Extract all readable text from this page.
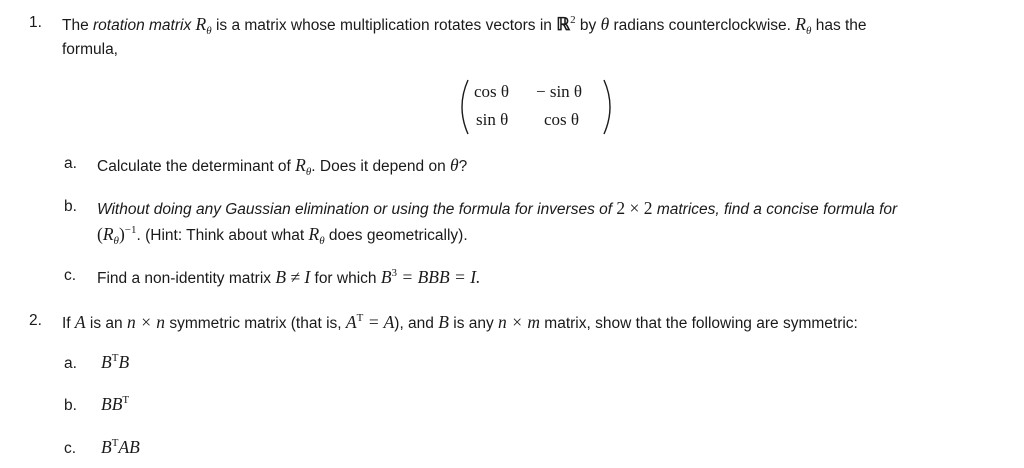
1. The rotation matrix $R_\theta$ is a matrix whose multiplication rotates vectors in ℝ$^2$ by θ radians counterclockwise. $R_\theta$ has the
formula,
cos θ − sin θ
sin θ cos θ
a. Calculate the determinant of $R_\theta$. Does it depend on θ?
b. Without doing any Gaussian elimination or using the formula for inverses of 2 × 2 matrices, find a concise formula for
$(R_\theta)^{-1}$. (Hint: Think about what $R_\theta$ does geometrically).
c. Find a non-identity matrix B ≠ I for which $B^3$ = BBB = I.
2. If A is an n × n symmetric matrix (that is, $A^T = A$), and B is any n × m matrix, show that the following are symmetric:
a. $B^TB$
b. $BB^T$
c. $B^TAB$
